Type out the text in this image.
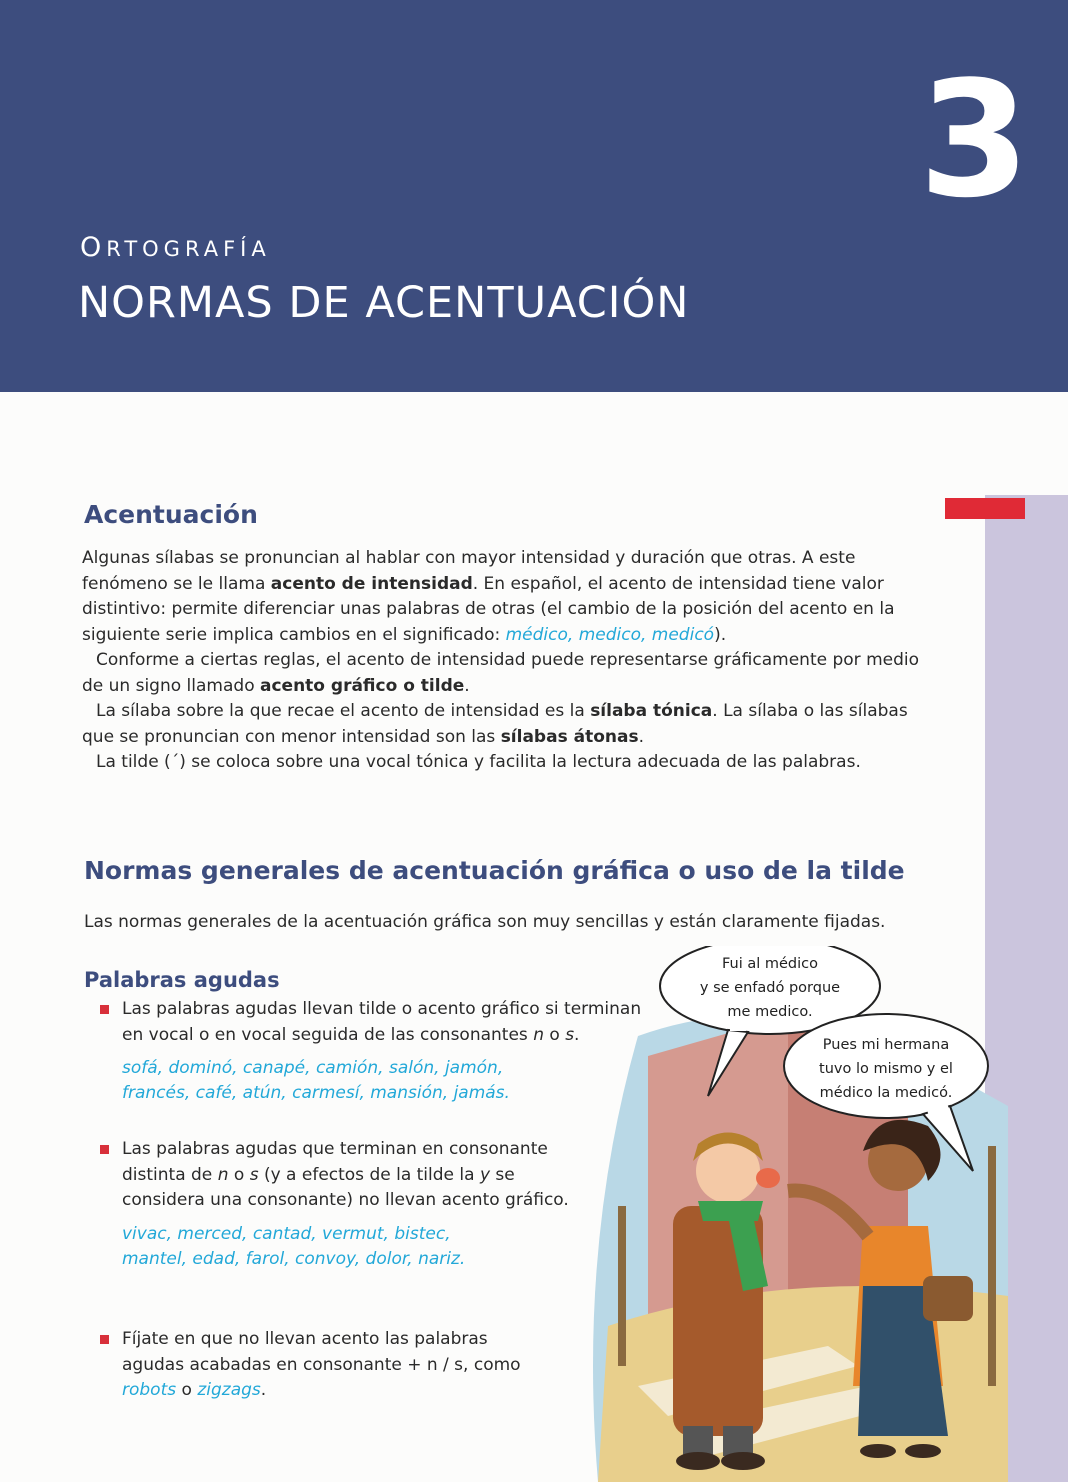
3
ORTOGRAFÍA
NORMAS DE ACENTUACIÓN
Acentuación

Algunas sílabas se pronuncian al hablar con mayor intensidad y duración que otras. A este fenómeno se le llama acento de intensidad. En español, el acento de intensidad tiene valor distintivo: permite diferenciar unas palabras de otras (el cambio de la posición del acento en la siguiente serie implica cambios en el significado: médico, medico, medicó).

Conforme a ciertas reglas, el acento de intensidad puede representarse gráficamente por medio de un signo llamado acento gráfico o tilde.

La sílaba sobre la que recae el acento de intensidad es la sílaba tónica. La sílaba o las sílabas que se pronuncian con menor intensidad son las sílabas átonas.

La tilde (´) se coloca sobre una vocal tónica y facilita la lectura adecuada de las palabras.

Normas generales de acentuación gráfica o uso de la tilde
Las normas generales de la acentuación gráfica son muy sencillas y están claramente fijadas.
Palabras agudas
Las palabras agudas llevan tilde o acento gráfico si terminan en vocal o en vocal seguida de las consonantes n o s.
sofá, dominó, canapé, camión, salón, jamón,
francés, café, atún, carmesí, mansión, jamás.
Las palabras agudas que terminan en consonante distinta de n o s (y a efectos de la tilde la y se considera una consonante) no llevan acento gráfico.
vivac, merced, cantad, vermut, bistec,
mantel, edad, farol, convoy, dolor, nariz.
Fíjate en que no llevan acento las palabras agudas acabadas en consonante + n / s, como robots o zigzags.
Fui al médico
y se enfadó porque
me medico.
Pues mi hermana
tuvo lo mismo y el
médico la medicó.
